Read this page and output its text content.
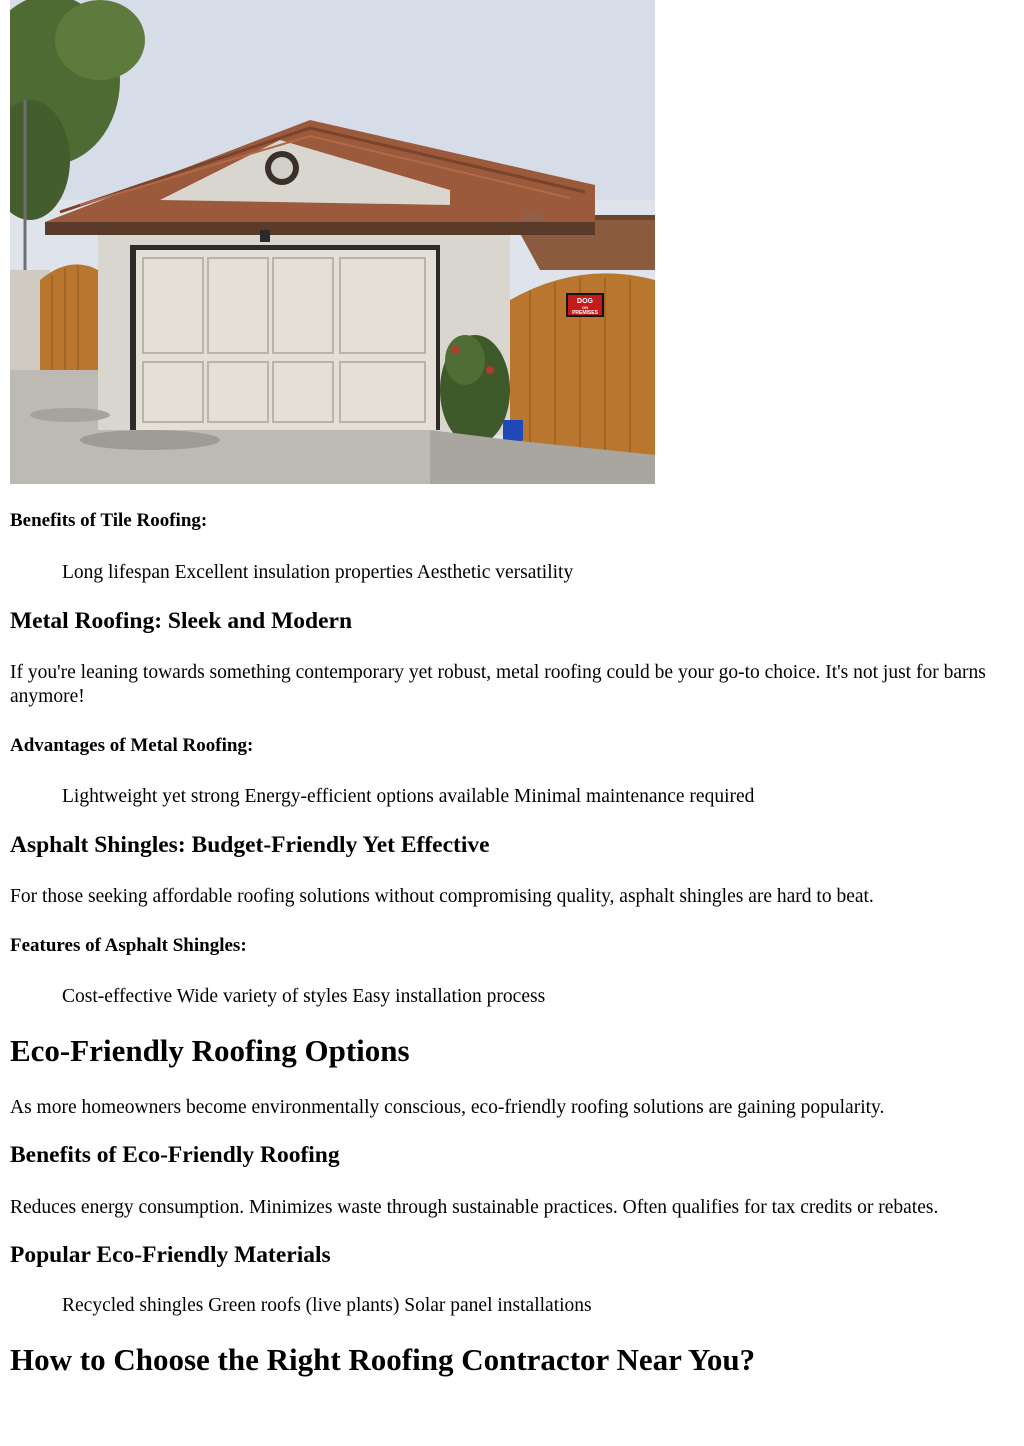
5261
DOG
ON
PREMISES
Benefits of Tile Roofing:
Long lifespan Excellent insulation properties Aesthetic versatility
Metal Roofing: Sleek and Modern
If you're leaning towards something contemporary yet robust, metal roofing could be your go-to choice. It's not just for barns anymore!
Advantages of Metal Roofing:
Lightweight yet strong Energy-efficient options available Minimal maintenance required
Asphalt Shingles: Budget-Friendly Yet Effective
For those seeking affordable roofing solutions without compromising quality, asphalt shingles are hard to beat.
Features of Asphalt Shingles:
Cost-effective Wide variety of styles Easy installation process
Eco-Friendly Roofing Options
As more homeowners become environmentally conscious, eco-friendly roofing solutions are gaining popularity.
Benefits of Eco-Friendly Roofing
Reduces energy consumption. Minimizes waste through sustainable practices. Often qualifies for tax credits or rebates.
Popular Eco-Friendly Materials
Recycled shingles Green roofs (live plants) Solar panel installations
How to Choose the Right Roofing Contractor Near You?
